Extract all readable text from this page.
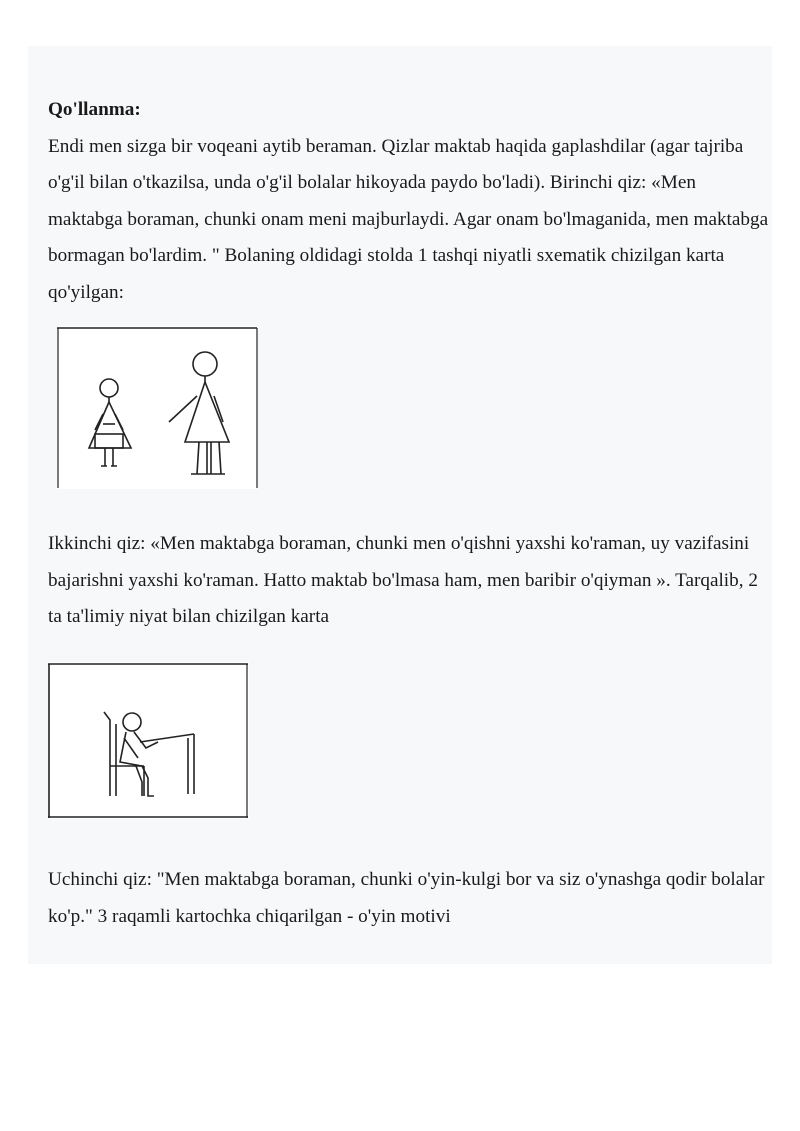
Qo'llanma:

Endi men sizga bir voqeani aytib beraman. Qizlar maktab haqida gaplashdilar (agar tajriba o'g'il bilan o'tkazilsa, unda o'g'il bolalar hikoyada paydo bo'ladi). Birinchi qiz: «Men maktabga boraman, chunki onam meni majburlaydi. Agar onam bo'lmaganida, men maktabga bormagan bo'lardim. " Bolaning oldidagi stolda 1 tashqi niyatli sxematik chizilgan karta qo'yilgan:

Ikkinchi qiz: «Men maktabga boraman, chunki men o'qishni yaxshi ko'raman, uy vazifasini bajarishni yaxshi ko'raman. Hatto maktab bo'lmasa ham, men baribir o'qiyman ». Tarqalib, 2 ta ta'limiy niyat bilan chizilgan karta

Uchinchi qiz: "Men maktabga boraman, chunki o'yin-kulgi bor va siz o'ynashga qodir bolalar ko'p." 3 raqamli kartochka chiqarilgan - o'yin motivi
